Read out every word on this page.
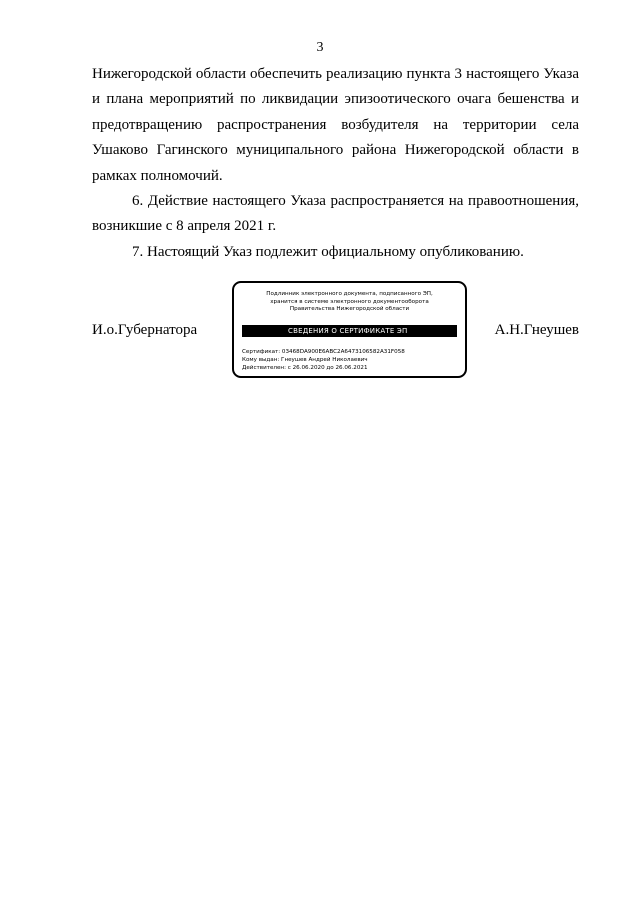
3

Нижегородской области обеспечить реализацию пункта 3 настоящего Указа и плана мероприятий по ликвидации эпизоотического очага бешенства и предотвращению распространения возбудителя на территории села Ушаково Гагинского муниципального района Нижегородской области в рамках полномочий.

6. Действие настоящего Указа распространяется на правоотношения, возникшие с 8 апреля 2021 г.

7. Настоящий Указ подлежит официальному опубликованию.

И.о.Губернатора
Подлинник электронного документа, подписанного ЭП,
хранится в системе электронного документооборота
Правительства Нижегородской области
СВЕДЕНИЯ О СЕРТИФИКАТЕ ЭП
Сертификат: 03468DA900E6ABC2A6473106582A31F058
Кому выдан: Гнеушев Андрей Николаевич
Действителен: с 26.06.2020 до 26.06.2021
А.Н.Гнеушев
